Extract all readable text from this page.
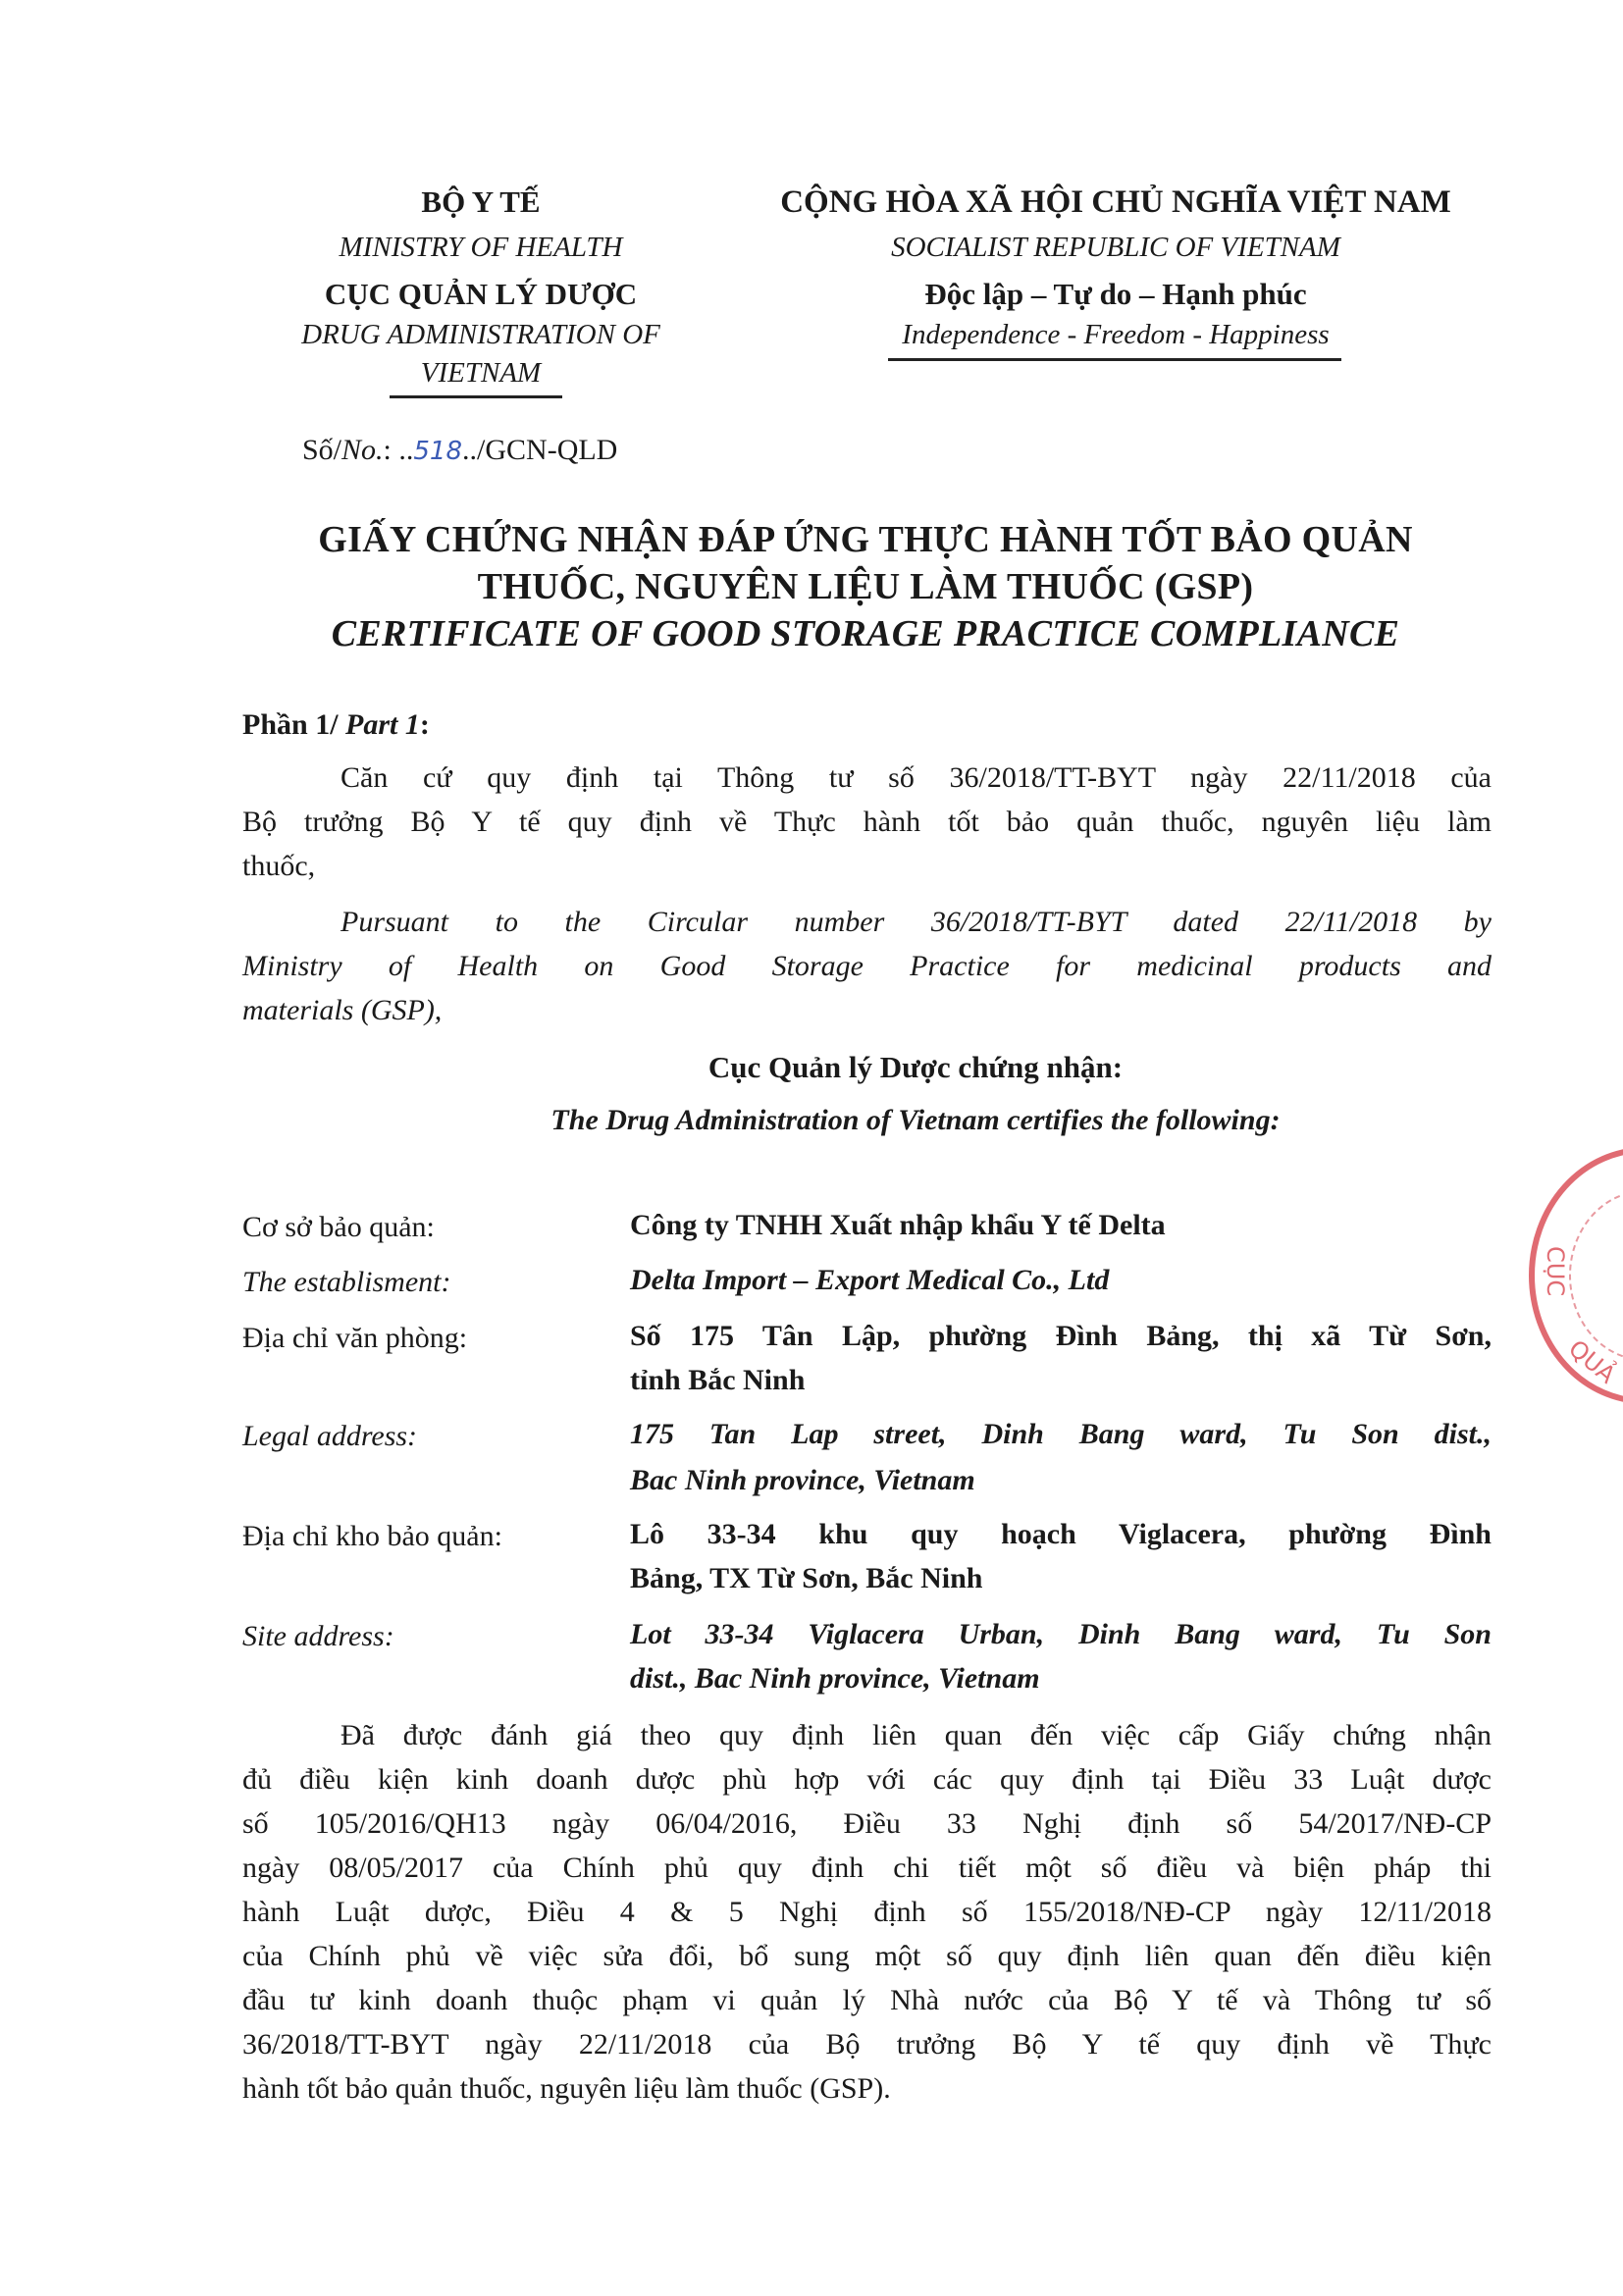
BỘ Y TẾ
MINISTRY OF HEALTH
CỤC QUẢN LÝ DƯỢC
DRUG ADMINISTRATION OF
VIETNAM
Số/No.: ..518../GCN-QLD
CỘNG HÒA XÃ HỘI CHỦ NGHĨA VIỆT NAM
SOCIALIST REPUBLIC OF VIETNAM
Độc lập – Tự do – Hạnh phúc
Independence - Freedom - Happiness
GIẤY CHỨNG NHẬN ĐÁP ỨNG THỰC HÀNH TỐT BẢO QUẢN
THUỐC, NGUYÊN LIỆU LÀM THUỐC (GSP)
CERTIFICATE OF GOOD STORAGE PRACTICE COMPLIANCE
Phần 1/ Part 1:
Căn cứ quy định tại Thông tư số 36/2018/TT-BYT ngày 22/11/2018 của
Bộ trưởng Bộ Y tế quy định về Thực hành tốt bảo quản thuốc, nguyên liệu làm
thuốc,
Pursuant to the Circular number 36/2018/TT-BYT dated 22/11/2018 by
Ministry of Health on Good Storage Practice for medicinal products and
materials (GSP),
Cục Quản lý Dược chứng nhận:
The Drug Administration of Vietnam certifies the following:
Cơ sở bảo quản:	Công ty TNHH Xuất nhập khẩu Y tế Delta
The establisment:	Delta Import – Export Medical Co., Ltd
Địa chỉ văn phòng:	Số 175 Tân Lập, phường Đình Bảng, thị xã Từ Sơn,
tỉnh Bắc Ninh
Legal address:	175 Tan Lap street, Dinh Bang ward, Tu Son dist.,
Bac Ninh province, Vietnam
Địa chỉ kho bảo quản:	Lô 33-34 khu quy hoạch Viglacera, phường Đình
Bảng, TX Từ Sơn, Bắc Ninh
Site address:	Lot 33-34 Viglacera Urban, Dinh Bang ward, Tu Son
dist., Bac Ninh province, Vietnam
Đã được đánh giá theo quy định liên quan đến việc cấp Giấy chứng nhận
đủ điều kiện kinh doanh dược phù hợp với các quy định tại Điều 33 Luật dược
số 105/2016/QH13 ngày 06/04/2016, Điều 33 Nghị định số 54/2017/NĐ-CP
ngày 08/05/2017 của Chính phủ quy định chi tiết một số điều và biện pháp thi
hành Luật dược, Điều 4 & 5 Nghị định số 155/2018/NĐ-CP ngày 12/11/2018
của Chính phủ về việc sửa đổi, bổ sung một số quy định liên quan đến điều kiện
đầu tư kinh doanh thuộc phạm vi quản lý Nhà nước của Bộ Y tế và Thông tư số
36/2018/TT-BYT ngày 22/11/2018 của Bộ trưởng Bộ Y tế quy định về Thực
hành tốt bảo quản thuốc, nguyên liệu làm thuốc (GSP).
CỤC
QUẢ
